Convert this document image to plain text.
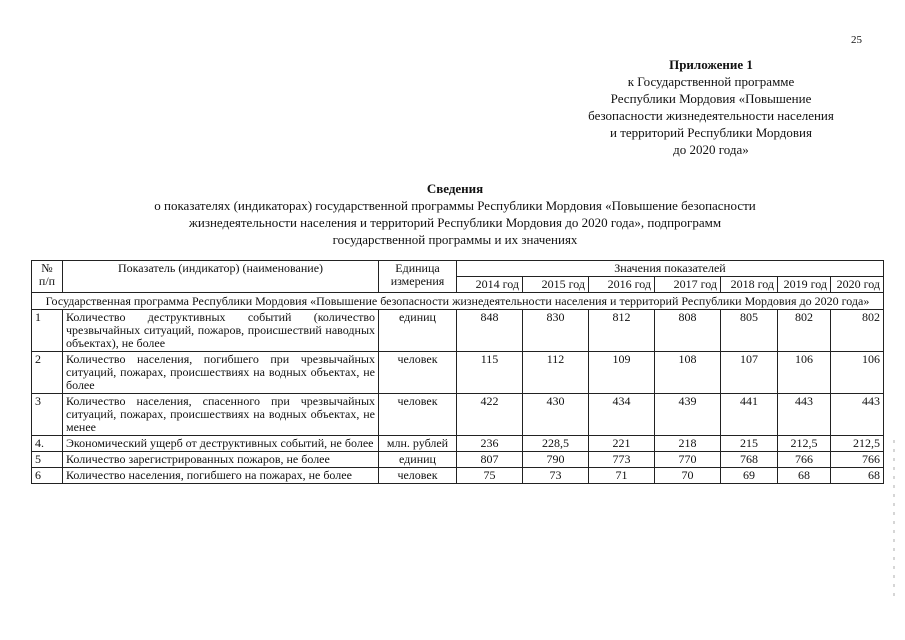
25
Приложение 1
к Государственной программе
Республики Мордовия «Повышение
безопасности жизнедеятельности населения
и территорий Республики Мордовия
до 2020 года»
Сведения
о показателях (индикаторах) государственной программы Республики Мордовия «Повышение безопасности
жизнедеятельности населения и территорий Республики Мордовия до 2020 года», подпрограмм
государственной программы и их значениях
№ п/п	Показатель (индикатор) (наименование)	Единица измерения	Значения показателей						
			2014 год	2015 год	2016 год	2017 год	2018 год	2019 год	2020 год
Государственная программа Республики Мордовия «Повышение безопасности жизнедеятельности населения и территорий Республики Мордовия до 2020 года»									
1	Количество деструктивных событий (количество чрезвычайных ситуаций, пожаров, происшествий наводных объектах), не более	единиц	848	830	812	808	805	802	802
2	Количество населения, погибшего при чрезвычайных ситуаций, пожарах, происшествиях на водных объектах, не более	человек	115	112	109	108	107	106	106
3	Количество населения, спасенного при чрезвычайных ситуаций, пожарах, происшествиях на водных объектах, не менее	человек	422	430	434	439	441	443	443
4.	Экономический ущерб от деструктивных событий, не более	млн. рублей	236	228,5	221	218	215	212,5	212,5
5	Количество зарегистрированных пожаров, не более	единиц	807	790	773	770	768	766	766
6	Количество населения, погибшего на пожарах, не более	человек	75	73	71	70	69	68	68
